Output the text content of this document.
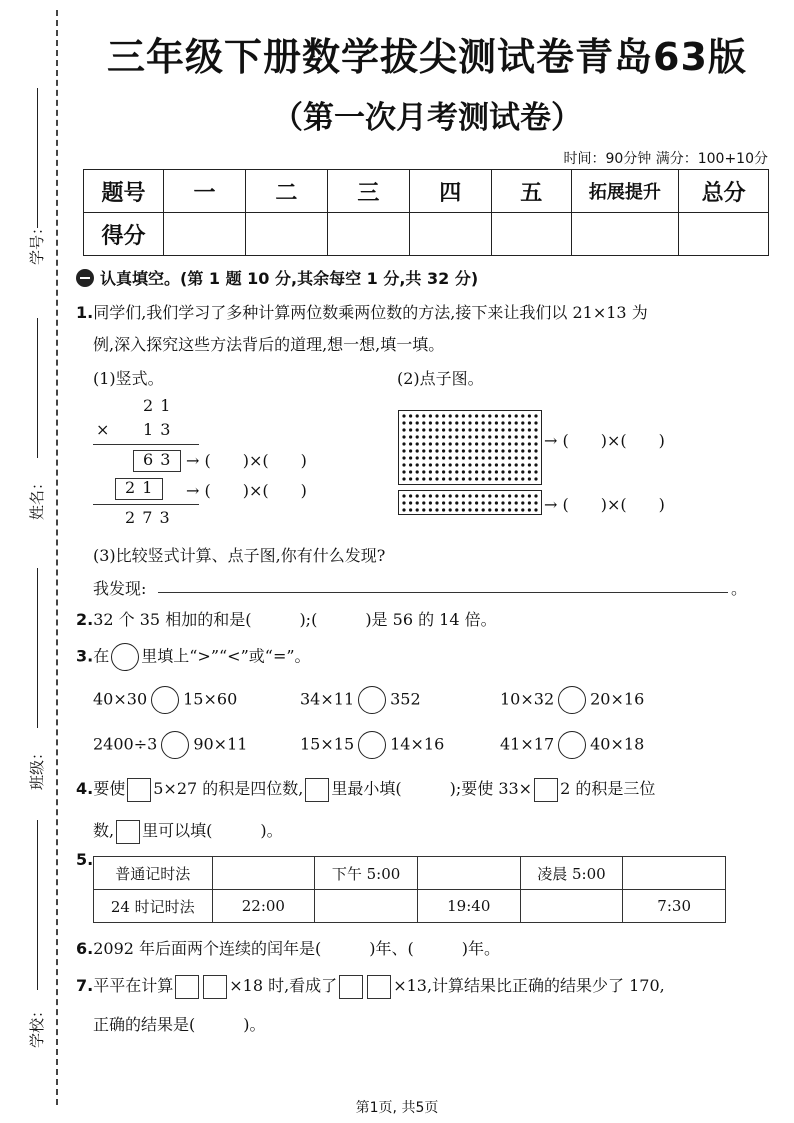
学号：
姓名：
班级：
学校：
三年级下册数学拔尖测试卷青岛63版
（第一次月考测试卷）
时间：90分钟 满分：100+10分
题号	一	二	三	四	五	拓展提升	总分
得分							
认真填空。(第 1 题 10 分,其余每空 1 分,共 32 分)
1.同学们,我们学习了多种计算两位数乘两位数的方法,接下来让我们以 21×13 为
例,深入探究这些方法背后的道理,想一想,填一填。
(1)竖式。	(2)点子图。
2 1
× 1 3
6 3 → (　　)×(　　)
2 1 → (　　)×(　　)
2 7 3
→ (　　)×(　　)
→ (　　)×(　　)
(3)比较竖式计算、点子图,你有什么发现?
我发现:	。
2.32 个 35 相加的和是(　　　);(　　　)是 56 的 14 倍。
3.在 里填上“>”“<”或“=”。
40×30 15×60	34×11 352	10×32 20×16
2400÷3 90×11	15×15 14×16	41×17 40×18
4.要使 5×27 的积是四位数, 里最小填(　　　);要使 33× 2 的积是三位
数, 里可以填(　　　)。
5.
普通记时法		下午 5:00		凌晨 5:00	
24 时记时法	22:00		19:40		7:30
6.2092 年后面两个连续的闰年是(　　　)年、(　　　)年。
7.平平在计算	×18 时,看成了	×13,计算结果比正确的结果少了 170,
正确的结果是(　　　)。
第1页, 共5页
